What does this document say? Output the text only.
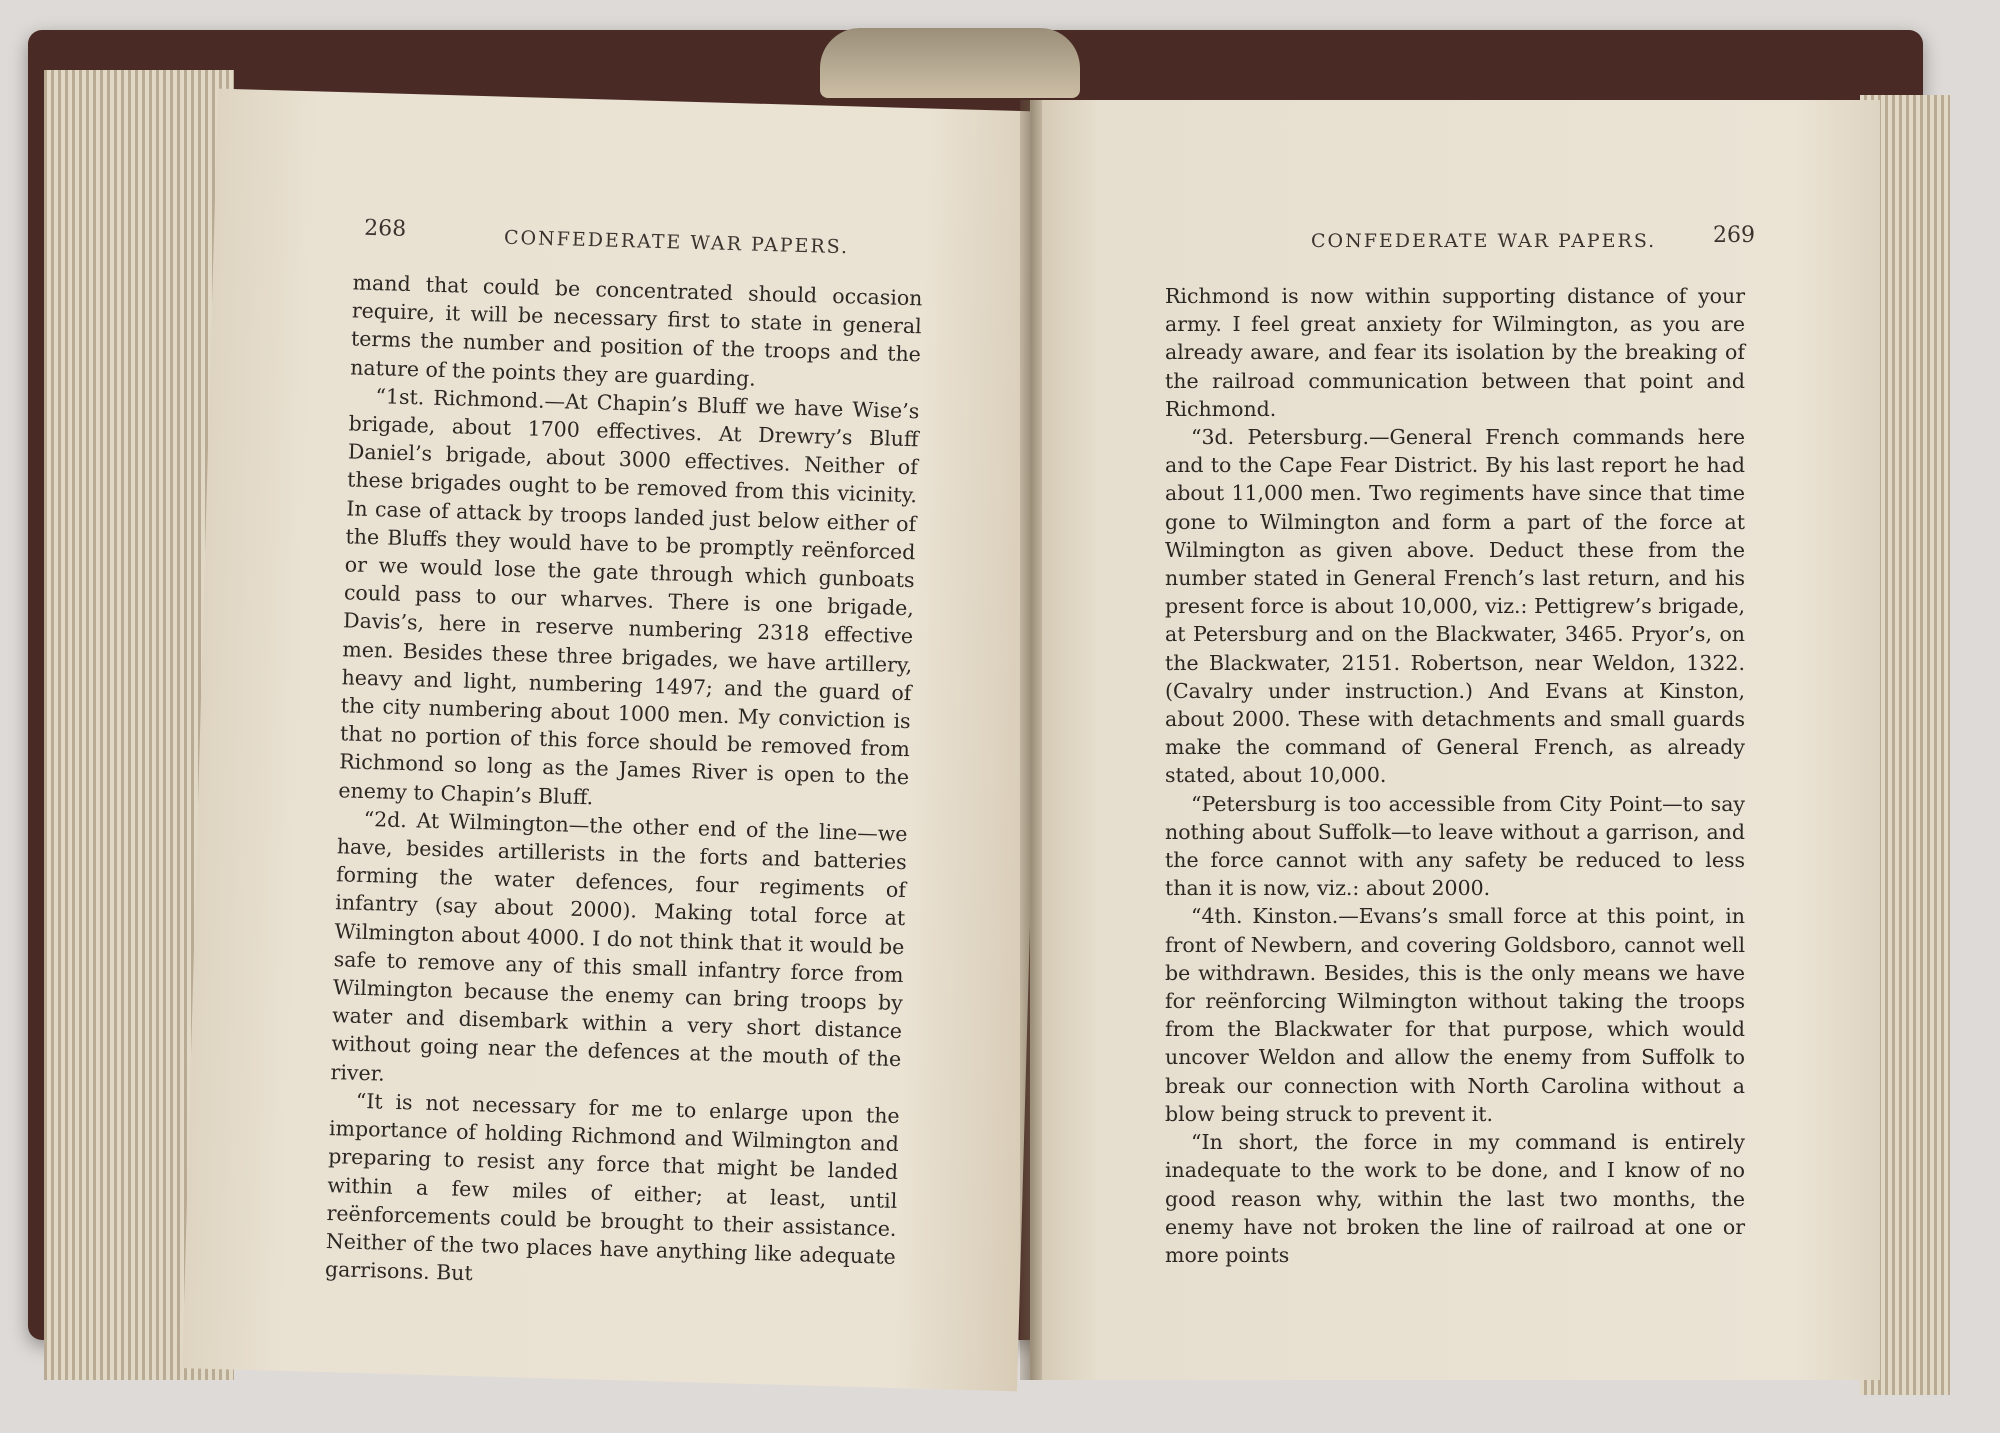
268	CONFEDERATE WAR PAPERS.

mand that could be concentrated should occasion require, it will be necessary first to state in general terms the number and position of the troops and the nature of the points they are guarding.

“1st. Richmond.—At Chapin’s Bluff we have Wise’s brigade, about 1700 effectives. At Drewry’s Bluff Daniel’s brigade, about 3000 effectives. Neither of these brigades ought to be removed from this vicinity. In case of attack by troops landed just below either of the Bluffs they would have to be promptly reënforced or we would lose the gate through which gunboats could pass to our wharves. There is one brigade, Davis’s, here in reserve numbering 2318 effective men. Besides these three brigades, we have artillery, heavy and light, numbering 1497; and the guard of the city numbering about 1000 men. My conviction is that no portion of this force should be removed from Richmond so long as the James River is open to the enemy to Chapin’s Bluff.

“2d. At Wilmington—the other end of the line—we have, besides artillerists in the forts and batteries forming the water defences, four regiments of infantry (say about 2000). Making total force at Wilmington about 4000. I do not think that it would be safe to remove any of this small infantry force from Wilmington because the enemy can bring troops by water and disembark within a very short distance without going near the defences at the mouth of the river.

“It is not necessary for me to enlarge upon the importance of holding Richmond and Wilmington and preparing to resist any force that might be landed within a few miles of either; at least, until reënforcements could be brought to their assistance. Neither of the two places have anything like adequate garrisons. But

CONFEDERATE WAR PAPERS.	269

Richmond is now within supporting distance of your army. I feel great anxiety for Wilmington, as you are already aware, and fear its isolation by the breaking of the railroad communication between that point and Richmond.

“3d. Petersburg.—General French commands here and to the Cape Fear District. By his last report he had about 11,000 men. Two regiments have since that time gone to Wilmington and form a part of the force at Wilmington as given above. Deduct these from the number stated in General French’s last return, and his present force is about 10,000, viz.: Pettigrew’s brigade, at Petersburg and on the Blackwater, 3465. Pryor’s, on the Blackwater, 2151. Robertson, near Weldon, 1322. (Cavalry under instruction.) And Evans at Kinston, about 2000. These with detachments and small guards make the command of General French, as already stated, about 10,000.

“Petersburg is too accessible from City Point—to say nothing about Suffolk—to leave without a garrison, and the force cannot with any safety be reduced to less than it is now, viz.: about 2000.

“4th. Kinston.—Evans’s small force at this point, in front of Newbern, and covering Goldsboro, cannot well be withdrawn. Besides, this is the only means we have for reënforcing Wilmington without taking the troops from the Blackwater for that purpose, which would uncover Weldon and allow the enemy from Suffolk to break our connection with North Carolina without a blow being struck to prevent it.

“In short, the force in my command is entirely inadequate to the work to be done, and I know of no good reason why, within the last two months, the enemy have not broken the line of railroad at one or more points
